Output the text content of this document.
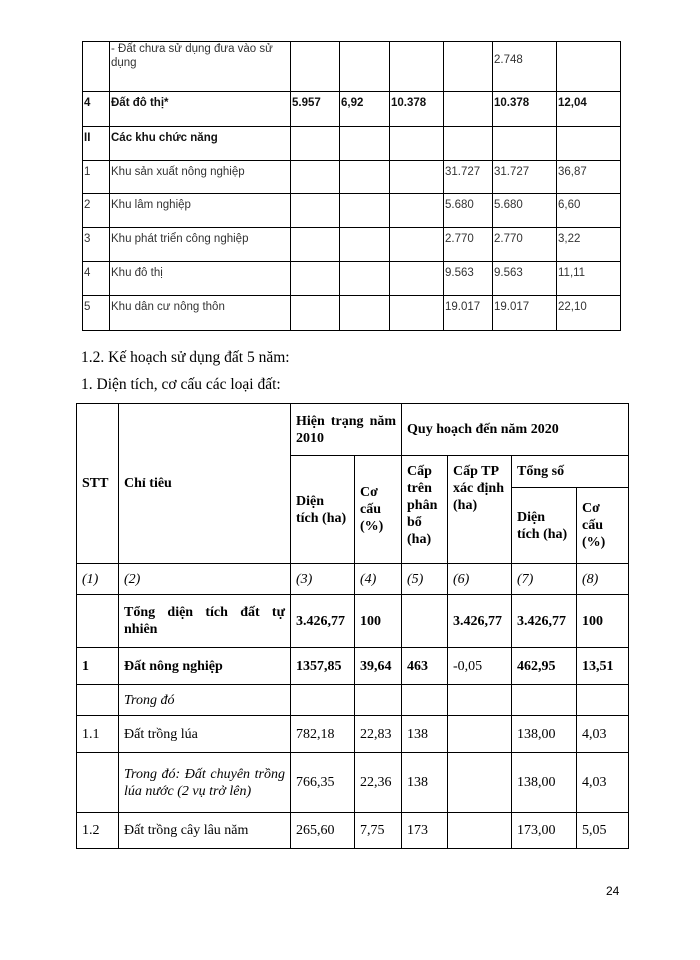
	- Đất chưa sử dụng đưa vào sử dụng					2.748	
4	Đất đô thị*	5.957	6,92	10.378		10.378	12,04
II	Các khu chức năng						
1	Khu sản xuất nông nghiệp				31.727	31.727	36,87
2	Khu lâm nghiệp				5.680	5.680	6,60
3	Khu phát triển công nghiệp				2.770	2.770	3,22
4	Khu đô thị				9.563	9.563	11,11
5	Khu dân cư nông thôn				19.017	19.017	22,10
1.2. Kế hoạch sử dụng đất 5 năm:
1. Diện tích, cơ cấu các loại đất:
STT	Chỉ tiêu	Hiện trạng năm 2010		Quy hoạch đến năm 2020			
		Diện tích (ha)	Cơ cấu (%)	Cấp trên phân bổ (ha)	Cấp TP xác định (ha)	Tổng số	
						Diện tích (ha)	Cơ cấu (%)
(1)	(2)	(3)	(4)	(5)	(6)	(7)	(8)
	Tổng diện tích đất tự nhiên	3.426,77	100		3.426,77	3.426,77	100
1	Đất nông nghiệp	1357,85	39,64	463	-0,05	462,95	13,51
	Trong đó						
1.1	Đất trồng lúa	782,18	22,83	138		138,00	4,03
	Trong đó: Đất chuyên trồng lúa nước (2 vụ trở lên)	766,35	22,36	138		138,00	4,03
1.2	Đất trồng cây lâu năm	265,60	7,75	173		173,00	5,05
24
